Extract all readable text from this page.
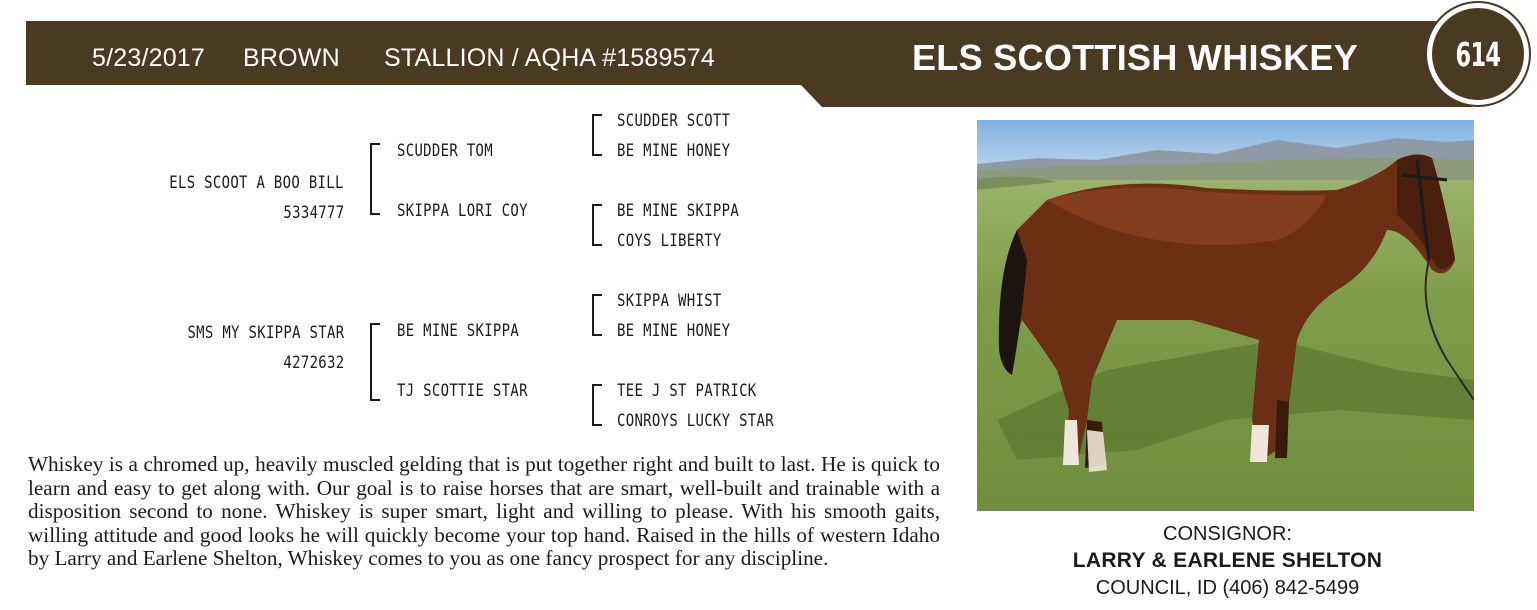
5/23/2017 BROWN STALLION / AQHA #1589574	ELS SCOTTISH WHISKEY	614
ELS SCOOT A BOO BILL
5334777
SCUDDER TOM
SKIPPA LORI COY
SCUDDER SCOTT
BE MINE HONEY
BE MINE SKIPPA
COYS LIBERTY
SMS MY SKIPPA STAR
4272632
BE MINE SKIPPA
TJ SCOTTIE STAR
SKIPPA WHIST
BE MINE HONEY
TEE J ST PATRICK
CONROYS LUCKY STAR
Whiskey is a chromed up, heavily muscled gelding that is put together right and built to last. He is quick to learn and easy to get along with. Our goal is to raise horses that are smart, well-built and trainable with a disposition second to none. Whiskey is super smart, light and willing to please. With his smooth gaits, willing attitude and good looks he will quickly become your top hand. Raised in the hills of western Idaho by Larry and Earlene Shelton, Whiskey comes to you as one fancy prospect for any discipline.
CONSIGNOR:
LARRY & EARLENE SHELTON
COUNCIL, ID (406) 842-5499
